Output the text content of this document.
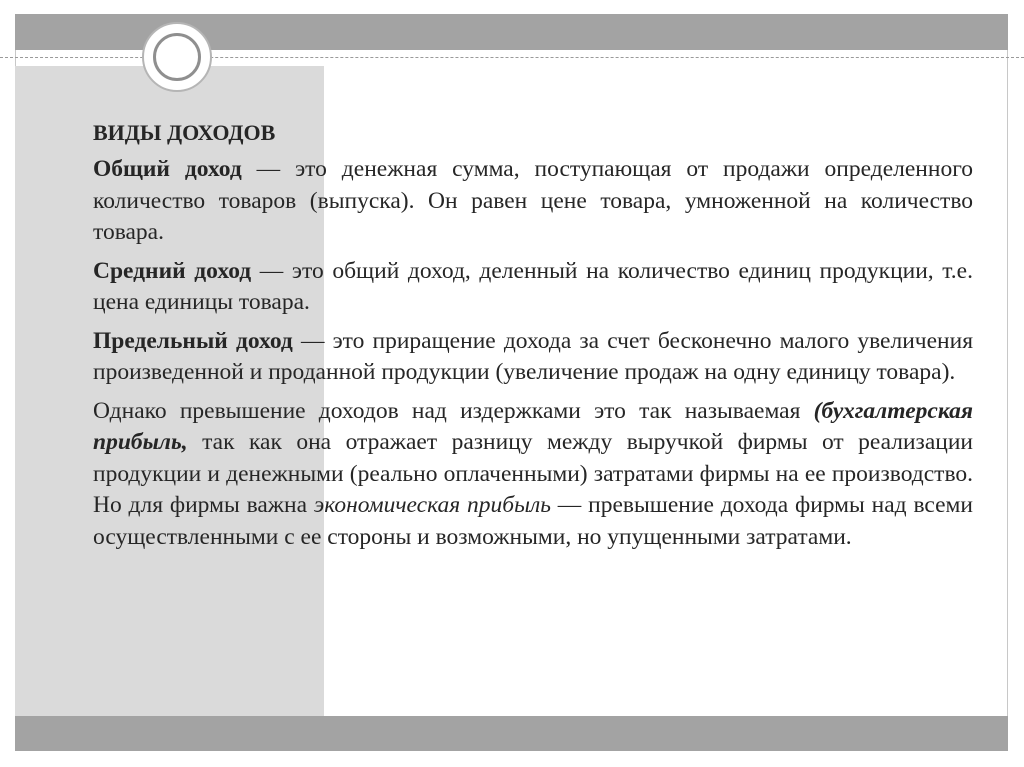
ВИДЫ ДОХОДОВ

Общий доход — это денежная сумма, поступающая от продажи определенного количество товаров (выпуска). Он равен цене товара, умноженной на количество товара.

Средний доход — это общий доход, деленный на количество единиц продукции, т.е. цена единицы товара.

Предельный доход — это приращение дохода за счет бесконечно малого увеличения произведенной и проданной продукции (увеличение продаж на одну единицу товара).

Однако превышение доходов над издержками это так называемая (бухгалтерская прибыль, так как она отражает разницу между выручкой фирмы от реализации продукции и денежными (реально оплаченными) затратами фирмы на ее производство. Но для фирмы важна экономическая прибыль — превышение дохода фирмы над всеми осуществленными с ее стороны и возможными, но упущенными затратами.
